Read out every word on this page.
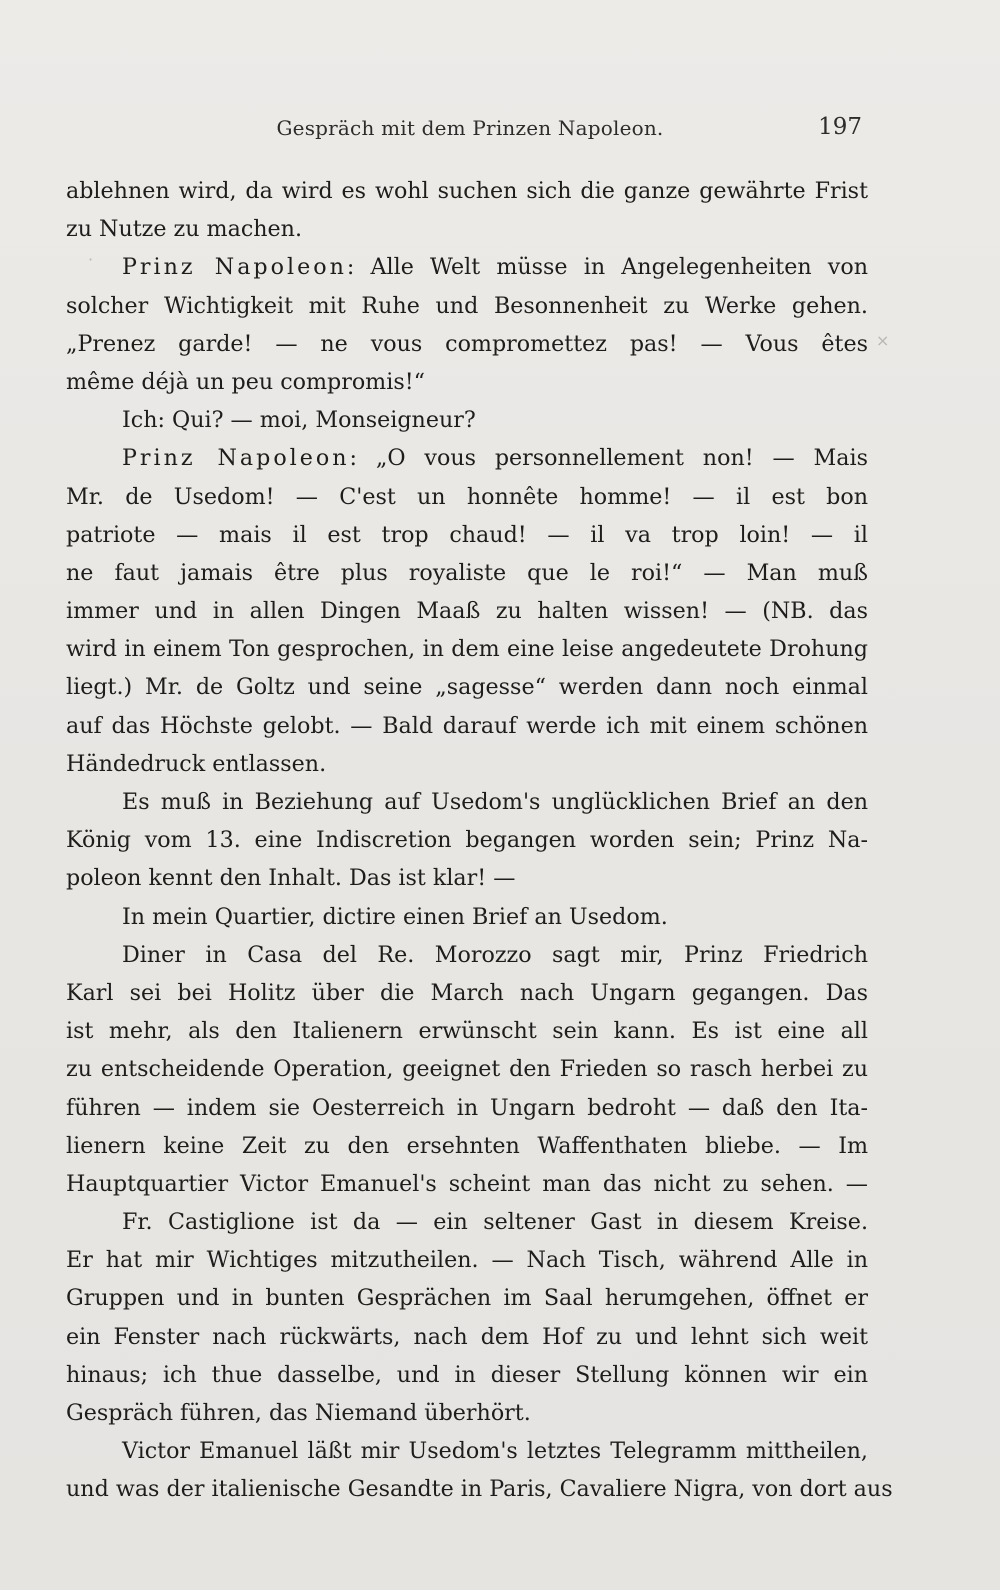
·
×
Gespräch mit dem Prinzen Napoleon.	197
ablehnen wird, da wird es wohl suchen sich die ganze gewährte Frist
zu Nutze zu machen.
Prinz Napoleon: Alle Welt müsse in Angelegenheiten von
solcher Wichtigkeit mit Ruhe und Besonnenheit zu Werke gehen.
„Prenez garde! — ne vous compromettez pas! — Vous êtes
même déjà un peu compromis!“
Ich: Qui? — moi, Monseigneur?
Prinz Napoleon: „O vous personnellement non! — Mais
Mr. de Usedom! — C'est un honnête homme! — il est bon
patriote — mais il est trop chaud! — il va trop loin! — il
ne faut jamais être plus royaliste que le roi!“ — Man muß
immer und in allen Dingen Maaß zu halten wissen! — (NB. das
wird in einem Ton gesprochen, in dem eine leise angedeutete Drohung
liegt.) Mr. de Goltz und seine „sagesse“ werden dann noch einmal
auf das Höchste gelobt. — Bald darauf werde ich mit einem schönen
Händedruck entlassen.
Es muß in Beziehung auf Usedom's unglücklichen Brief an den
König vom 13. eine Indiscretion begangen worden sein; Prinz Na-
poleon kennt den Inhalt. Das ist klar! —
In mein Quartier, dictire einen Brief an Usedom.
Diner in Casa del Re. Morozzo sagt mir, Prinz Friedrich
Karl sei bei Holitz über die March nach Ungarn gegangen. Das
ist mehr, als den Italienern erwünscht sein kann. Es ist eine all
zu entscheidende Operation, geeignet den Frieden so rasch herbei zu
führen — indem sie Oesterreich in Ungarn bedroht — daß den Ita-
lienern keine Zeit zu den ersehnten Waffenthaten bliebe. — Im
Hauptquartier Victor Emanuel's scheint man das nicht zu sehen. —
Fr. Castiglione ist da — ein seltener Gast in diesem Kreise.
Er hat mir Wichtiges mitzutheilen. — Nach Tisch, während Alle in
Gruppen und in bunten Gesprächen im Saal herumgehen, öffnet er
ein Fenster nach rückwärts, nach dem Hof zu und lehnt sich weit
hinaus; ich thue dasselbe, und in dieser Stellung können wir ein
Gespräch führen, das Niemand überhört.
Victor Emanuel läßt mir Usedom's letztes Telegramm mittheilen,
und was der italienische Gesandte in Paris, Cavaliere Nigra, von dort aus
